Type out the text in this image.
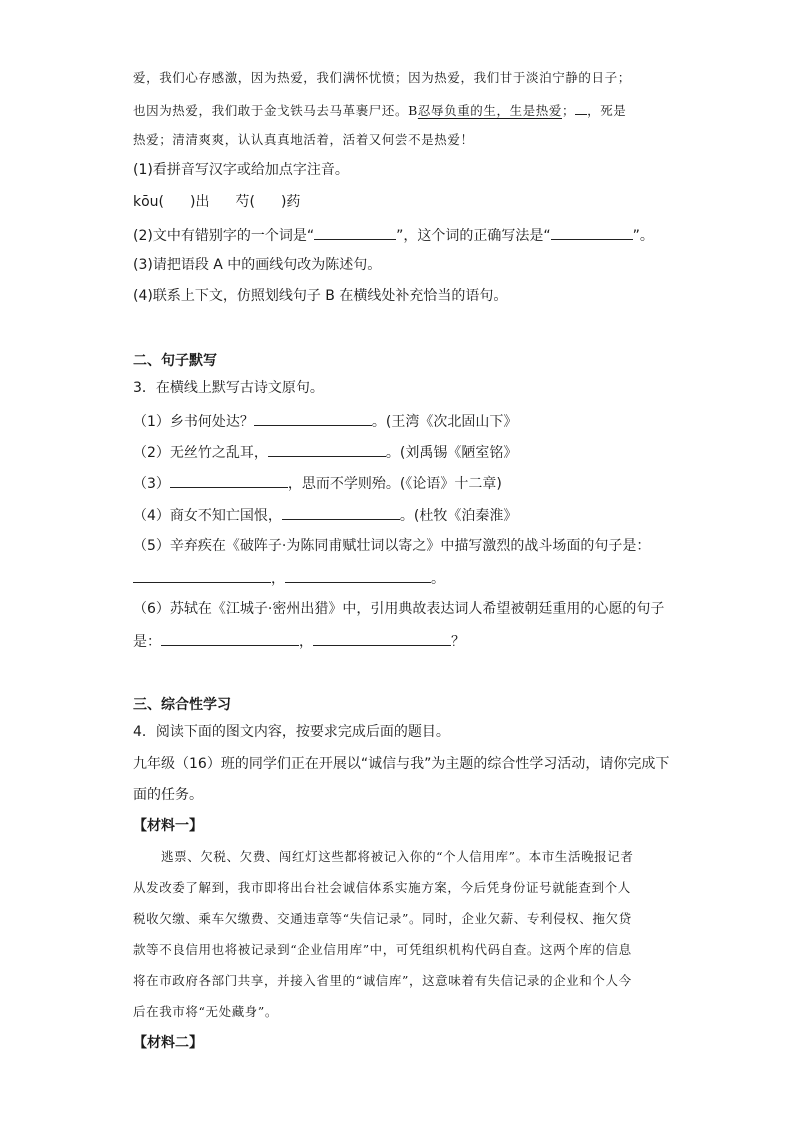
爱，我们心存感激，因为热爱，我们满怀忧愤；因为热爱，我们甘于淡泊宁静的日子；
也因为热爱，我们敢于金戈铁马去马革裹尸还。B忍辱负重的生，生是热爱； ，死是
热爱；清清爽爽，认认真真地活着，活着又何尝不是热爱！
(1)看拼音写汉字或给加点字注音。
kōu( )出 芍( )药
(2)文中有错别字的一个词是“	”，这个词的正确写法是“	”。
(3)请把语段 A 中的画线句改为陈述句。
(4)联系上下文，仿照划线句子 B 在横线处补充恰当的语句。
二、句子默写
3．在横线上默写古诗文原句。
（1）乡书何处达？	。(王湾《次北固山下》
（2）无丝竹之乱耳，	。(刘禹锡《陋室铭》
（3）	，思而不学则殆。(《论语》十二章)
（4）商女不知亡国恨，	。(杜牧《泊秦淮》
（5）辛弃疾在《破阵子·为陈同甫赋壮词以寄之》中描写激烈的战斗场面的句子是：
，	。
（6）苏轼在《江城子·密州出猎》中，引用典故表达词人希望被朝廷重用的心愿的句子
是：	，	？
三、综合性学习
4．阅读下面的图文内容，按要求完成后面的题目。
九年级（16）班的同学们正在开展以“诚信与我”为主题的综合性学习活动，请你完成下
面的任务。
【材料一】
逃票、欠税、欠费、闯红灯这些都将被记入你的“个人信用库”。本市生活晚报记者
从发改委了解到，我市即将出台社会诚信体系实施方案，今后凭身份证号就能查到个人
税收欠缴、乘车欠缴费、交通违章等“失信记录”。同时，企业欠薪、专利侵权、拖欠贷
款等不良信用也将被记录到“企业信用库”中，可凭组织机构代码自查。这两个库的信息
将在市政府各部门共享，并接入省里的“诚信库”，这意味着有失信记录的企业和个人今
后在我市将“无处藏身”。
【材料二】
